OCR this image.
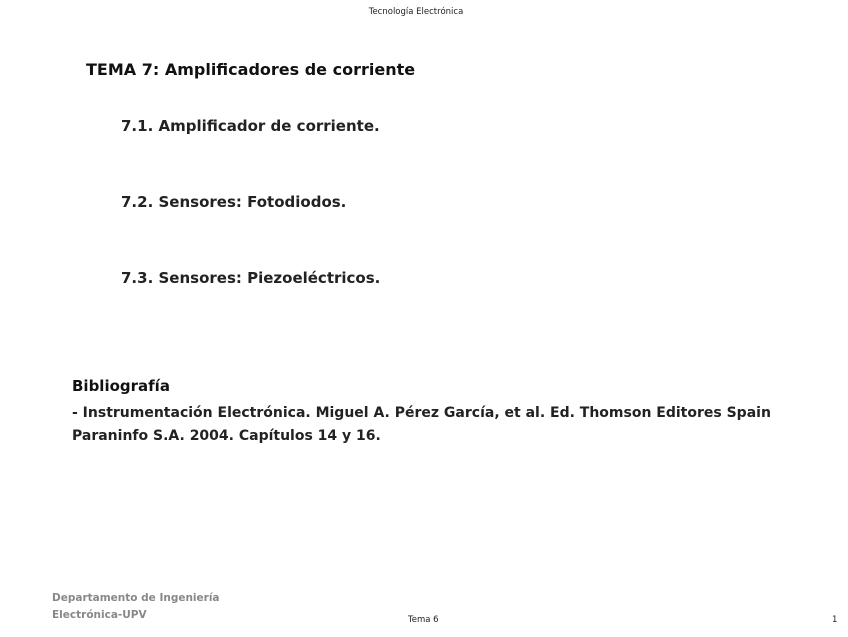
Tecnología Electrónica
TEMA 7: Amplificadores de corriente
7.1. Amplificador de corriente.
7.2. Sensores: Fotodiodos.
7.3. Sensores: Piezoeléctricos.
Bibliografía
- Instrumentación Electrónica. Miguel A. Pérez García, et al. Ed. Thomson Editores Spain
Paraninfo S.A. 2004. Capítulos 14 y 16.
Departamento de Ingeniería
Electrónica-UPV	Tema 6	1
